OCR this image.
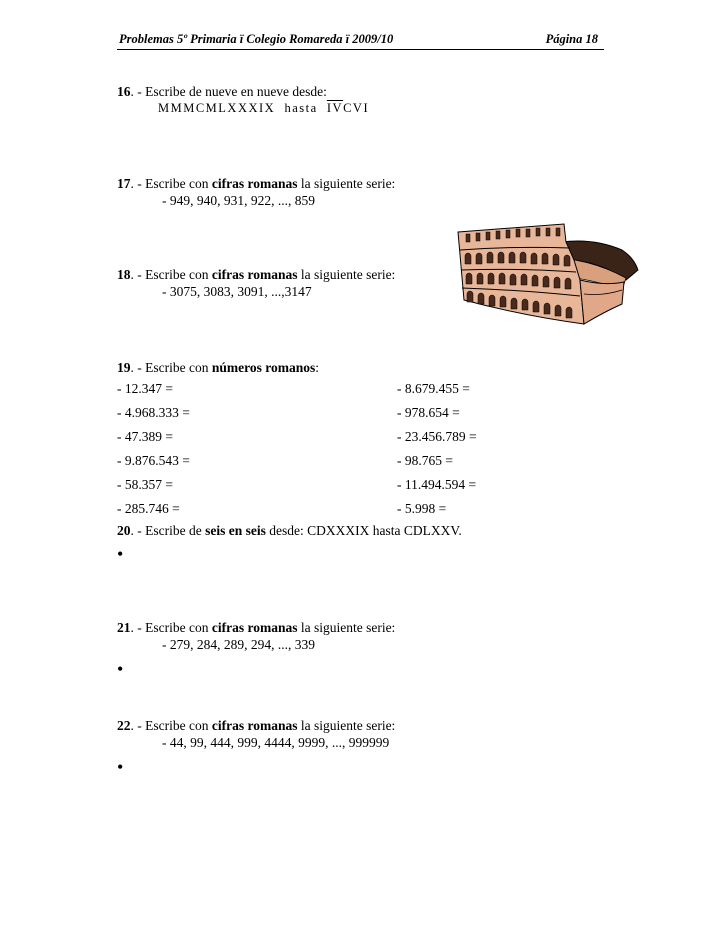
Problemas 5º Primaria ï Colegio Romareda ï 2009/10	Página 18
16. - Escribe de nueve en nueve desde:
MMMCMLXXXIX hasta $\overline{IV}CVI$
17. - Escribe con cifras romanas la siguiente serie:
- 949, 940, 931, 922, ..., 859
18. - Escribe con cifras romanas la siguiente serie:
- 3075, 3083, 3091, ...,3147
19. - Escribe con números romanos:
- 12.347 =
- 4.968.333 =
- 47.389 =
- 9.876.543 =
- 58.357 =
- 285.746 =
- 8.679.455 =
- 978.654 =
- 23.456.789 =
- 98.765 =
- 11.494.594 =
- 5.998 =
20. - Escribe de seis en seis desde: CDXXXIX hasta CDLXXV.
•
21. - Escribe con cifras romanas la siguiente serie:
- 279, 284, 289, 294, ..., 339
•
22. - Escribe con cifras romanas la siguiente serie:
- 44, 99, 444, 999, 4444, 9999, ..., 999999
•
